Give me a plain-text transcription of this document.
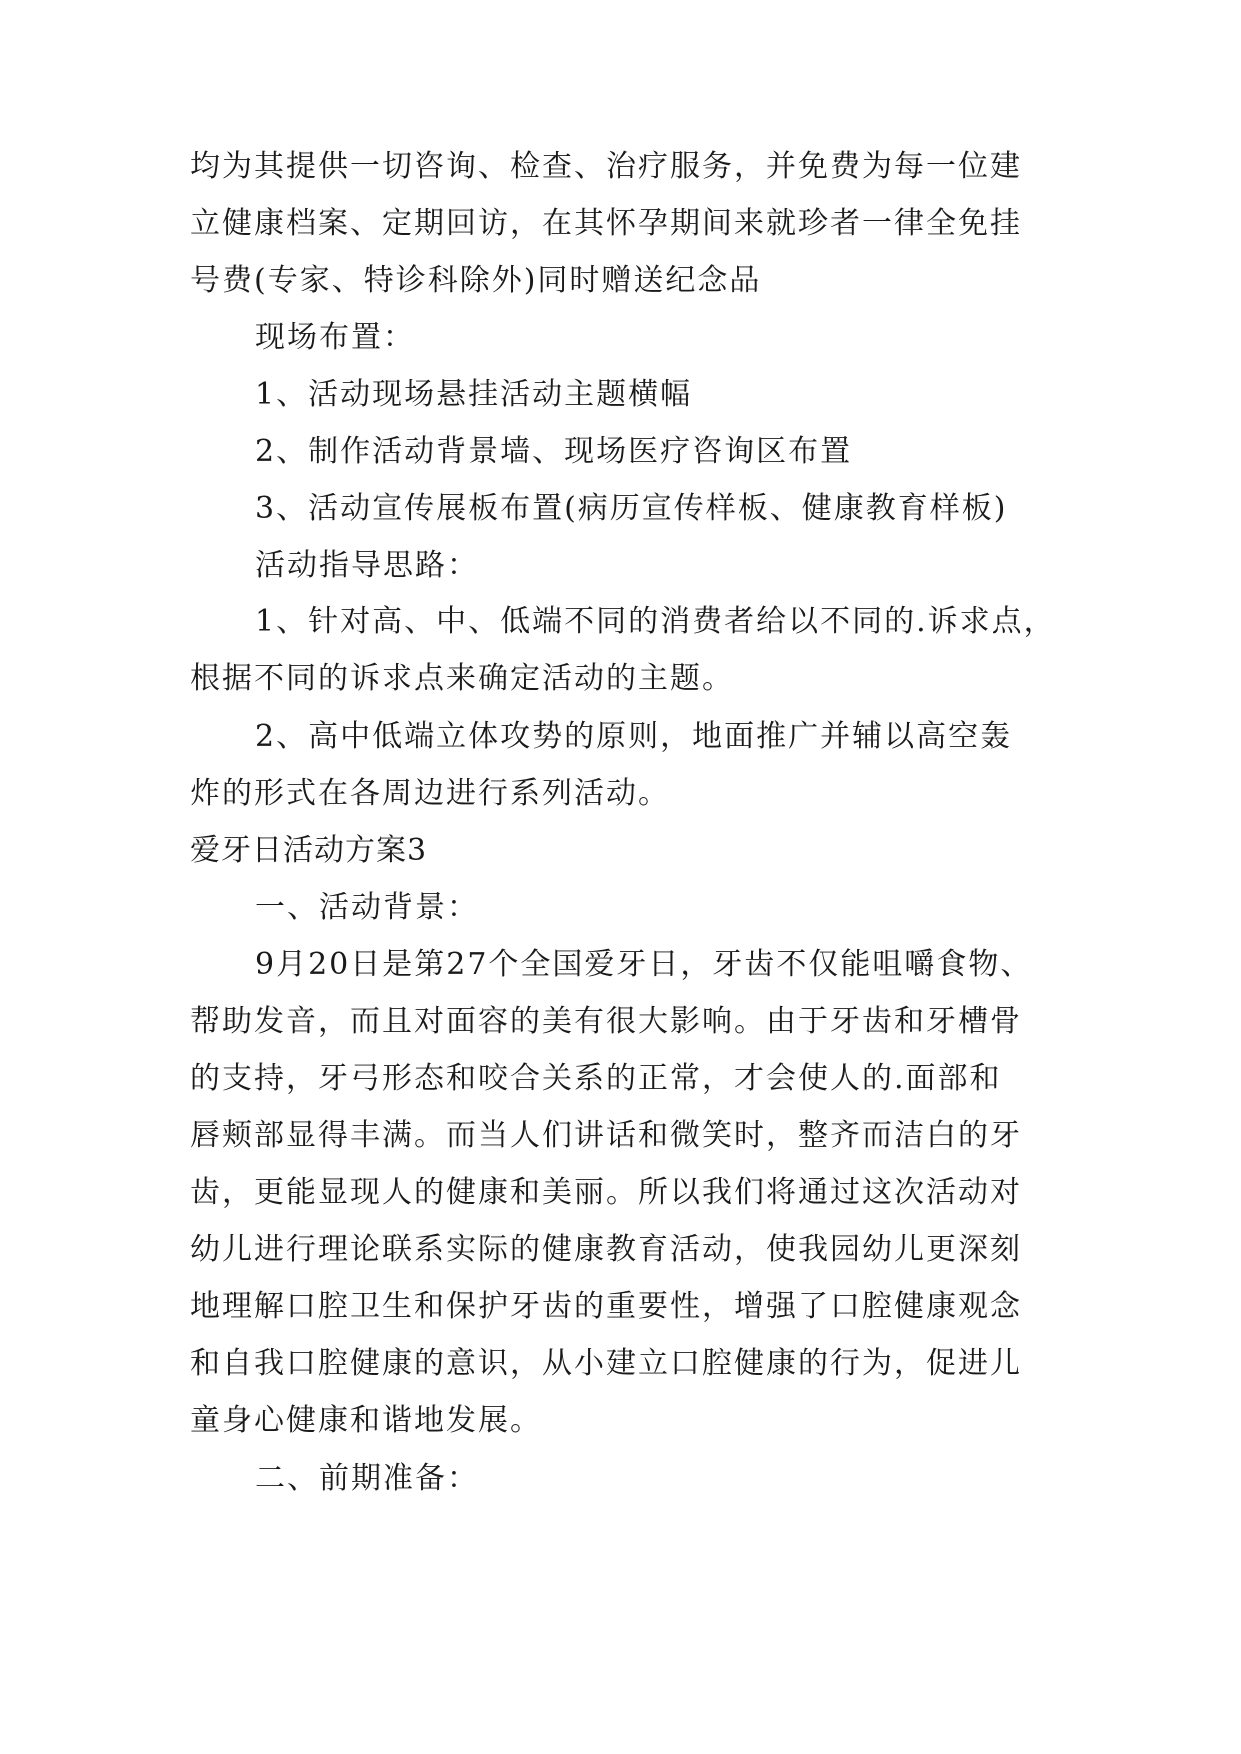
均为其提供一切咨询、检查、治疗服务，并免费为每一位建
立健康档案、定期回访，在其怀孕期间来就珍者一律全免挂
号费(专家、特诊科除外)同时赠送纪念品
现场布置：
1、活动现场悬挂活动主题横幅
2、制作活动背景墙、现场医疗咨询区布置
3、活动宣传展板布置(病历宣传样板、健康教育样板)
活动指导思路：
1、针对高、中、低端不同的消费者给以不同的.诉求点，
根据不同的诉求点来确定活动的主题。
2、高中低端立体攻势的原则，地面推广并辅以高空轰
炸的形式在各周边进行系列活动。
爱牙日活动方案3
一、活动背景：
9月20日是第27个全国爱牙日，牙齿不仅能咀嚼食物、
帮助发音，而且对面容的美有很大影响。由于牙齿和牙槽骨
的支持，牙弓形态和咬合关系的正常，才会使人的.面部和
唇颊部显得丰满。而当人们讲话和微笑时，整齐而洁白的牙
齿，更能显现人的健康和美丽。所以我们将通过这次活动对
幼儿进行理论联系实际的健康教育活动，使我园幼儿更深刻
地理解口腔卫生和保护牙齿的重要性，增强了口腔健康观念
和自我口腔健康的意识，从小建立口腔健康的行为，促进儿
童身心健康和谐地发展。
二、前期准备：
